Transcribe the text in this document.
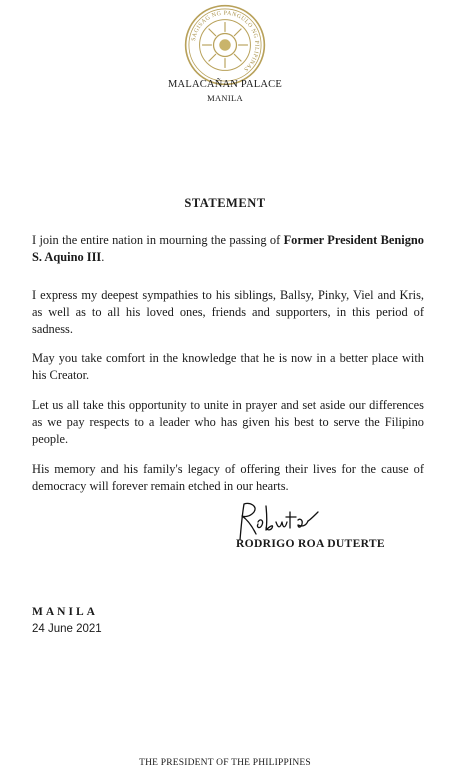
SAGISAG NG PANGULO NG PILIPINAS
MALACAÑAN PALACE
MANILA
STATEMENT

I join the entire nation in mourning the passing of Former President Benigno S. Aquino III.

I express my deepest sympathies to his siblings, Ballsy, Pinky, Viel and Kris, as well as to all his loved ones, friends and supporters, in this period of sadness.

May you take comfort in the knowledge that he is now in a better place with his Creator.

Let us all take this opportunity to unite in prayer and set aside our differences as we pay respects to a leader who has given his best to serve the Filipino people.

His memory and his family's legacy of offering their lives for the cause of democracy will forever remain etched in our hearts.

RODRIGO ROA DUTERTE
MANILA
24 June 2021
THE PRESIDENT OF THE PHILIPPINES
